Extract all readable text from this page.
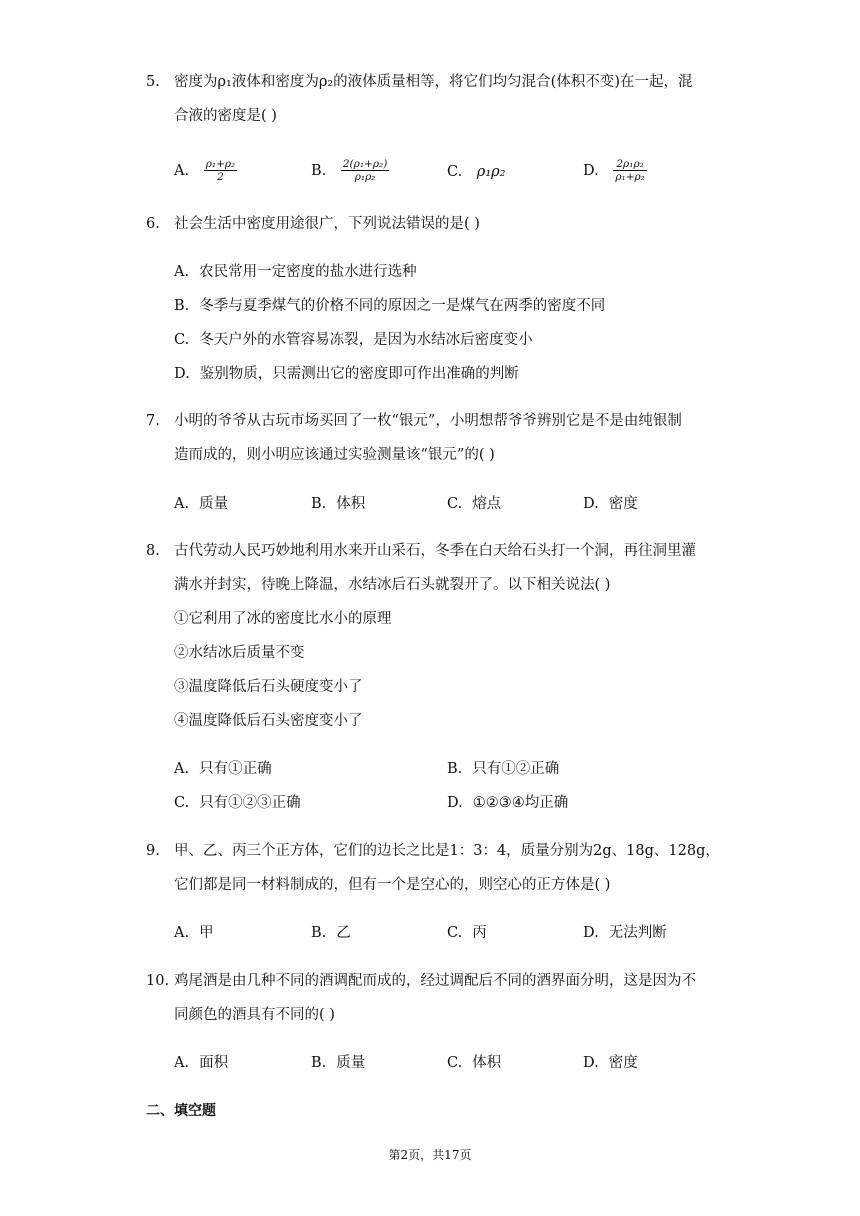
5. 密度为ρ₁液体和密度为ρ₂的液体质量相等，将它们均匀混合(体积不变)在一起，混
合液的密度是( )
A. $\frac{\text{ρ₁+ρ₂}}{2}$	B. $\frac{\text{2(ρ₁+ρ₂)}}{\text{ρ₁ρ₂}}$	C. ρ₁ρ₂	D. $\frac{\text{2ρ₁ρ₂}}{\text{ρ₁+ρ₂}}$
6. 社会生活中密度用途很广，下列说法错误的是( )
A. 农民常用一定密度的盐水进行选种
B. 冬季与夏季煤气的价格不同的原因之一是煤气在两季的密度不同
C. 冬天户外的水管容易冻裂，是因为水结冰后密度变小
D. 鉴别物质，只需测出它的密度即可作出准确的判断
7. 小明的爷爷从古玩市场买回了一枚“银元”，小明想帮爷爷辨别它是不是由纯银制
造而成的，则小明应该通过实验测量该“银元”的( )
A. 质量	B. 体积	C. 熔点	D. 密度
8. 古代劳动人民巧妙地利用水来开山采石，冬季在白天给石头打一个洞，再往洞里灌
满水并封实，待晚上降温，水结冰后石头就裂开了。以下相关说法( )
①它利用了冰的密度比水小的原理
②水结冰后质量不变
③温度降低后石头硬度变小了
④温度降低后石头密度变小了
A. 只有①正确	B. 只有①②正确
C. 只有①②③正确	D. ①②③④均正确
9. 甲、乙、丙三个正方体，它们的边长之比是1：3：4，质量分别为2g、18g、128g，
它们都是同一材料制成的，但有一个是空心的，则空心的正方体是( )
A. 甲	B. 乙	C. 丙	D. 无法判断
10. 鸡尾酒是由几种不同的酒调配而成的，经过调配后不同的酒界面分明，这是因为不
同颜色的酒具有不同的( )
A. 面积	B. 质量	C. 体积	D. 密度
二、填空题
第2页，共17页
